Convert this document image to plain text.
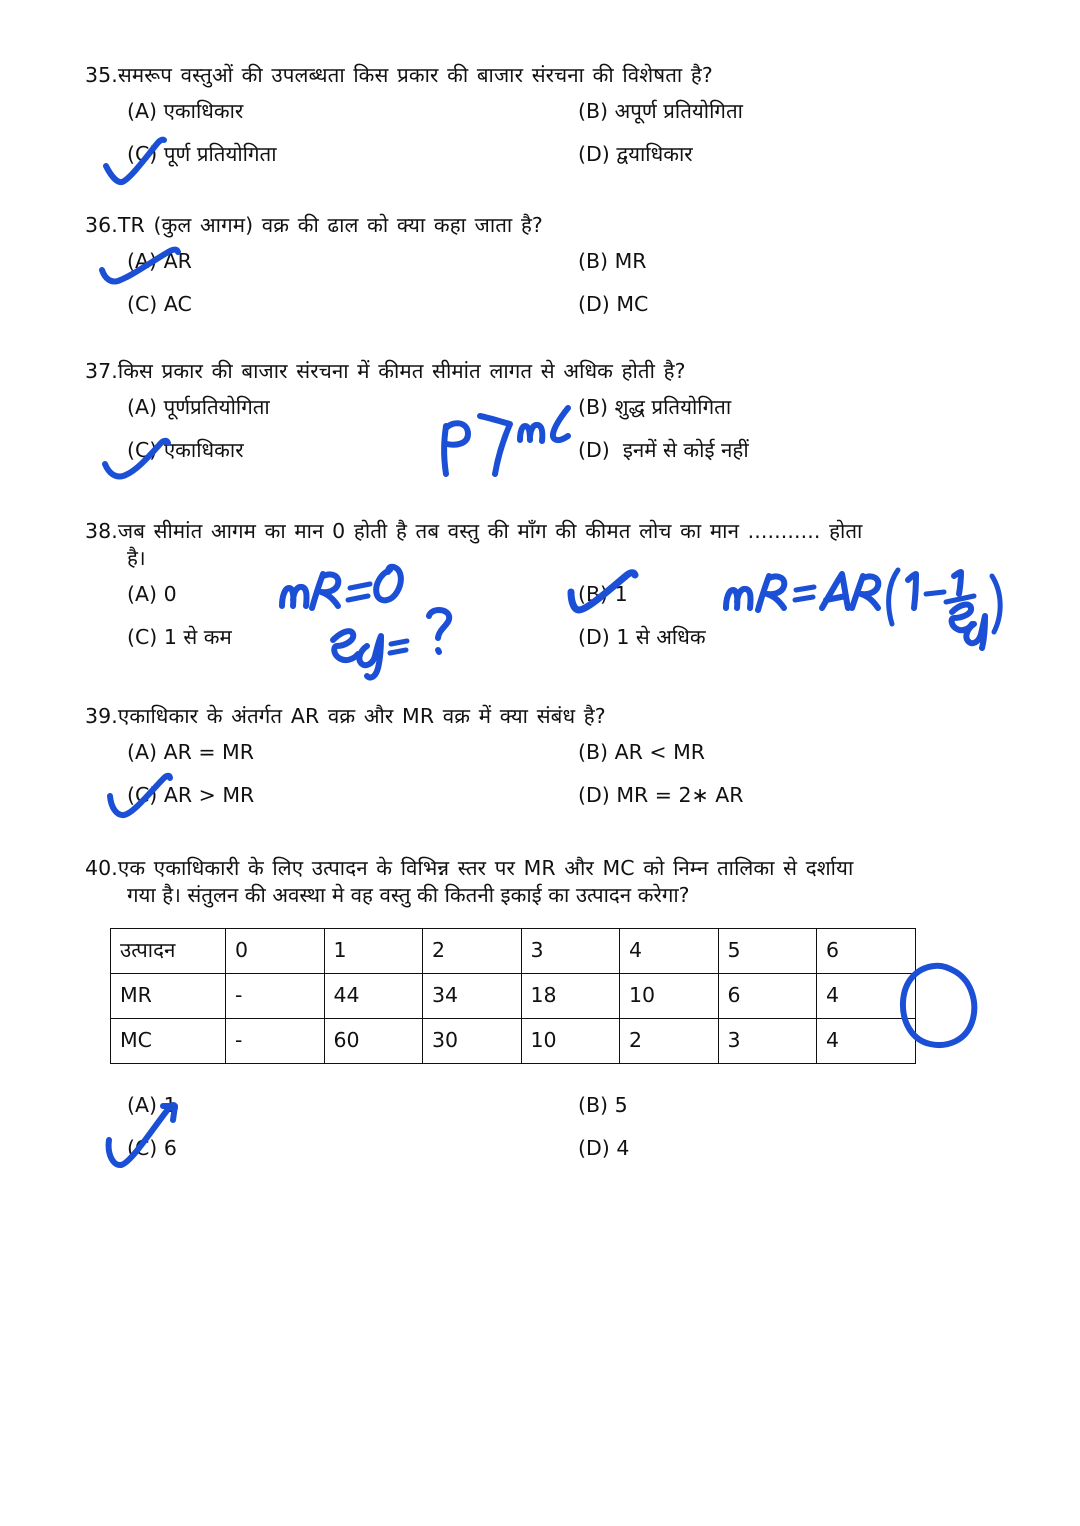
35. समरूप वस्तुओं की उपलब्धता किस प्रकार की बाजार संरचना की विशेषता है?
(A) एकाधिकार	(B) अपूर्ण प्रतियोगिता
(C) पूर्ण प्रतियोगिता	(D) द्वयाधिकार
36. TR (कुल आगम) वक्र की ढाल को क्या कहा जाता है?
(A) AR	(B) MR
(C) AC	(D) MC
37. किस प्रकार की बाजार संरचना में कीमत सीमांत लागत से अधिक होती है?
(A) पूर्णप्रतियोगिता	(B) शुद्ध प्रतियोगिता
(C) एकाधिकार	(D)  इनमें से कोई नहीं
38. जब सीमांत आगम का मान 0 होती है तब वस्तु की माँग की कीमत लोच का मान ........... होता
है।
(A) 0	(B) 1
(C) 1 से कम	(D) 1 से अधिक
39. एकाधिकार के अंतर्गत AR वक्र और MR वक्र में क्या संबंध है?
(A) AR = MR	(B) AR < MR
(C) AR > MR	(D) MR = 2∗ AR
40. एक एकाधिकारी के लिए उत्पादन के विभिन्न स्तर पर MR और MC को निम्न तालिका से दर्शाया
गया है। संतुलन की अवस्था मे वह वस्तु की कितनी इकाई का उत्पादन करेगा?
उत्पादन	0	1	2	3	4	5	6
MR	-	44	34	18	10	6	4
MC	-	60	30	10	2	3	4
(A) 1	(B) 5
(C) 6	(D) 4
